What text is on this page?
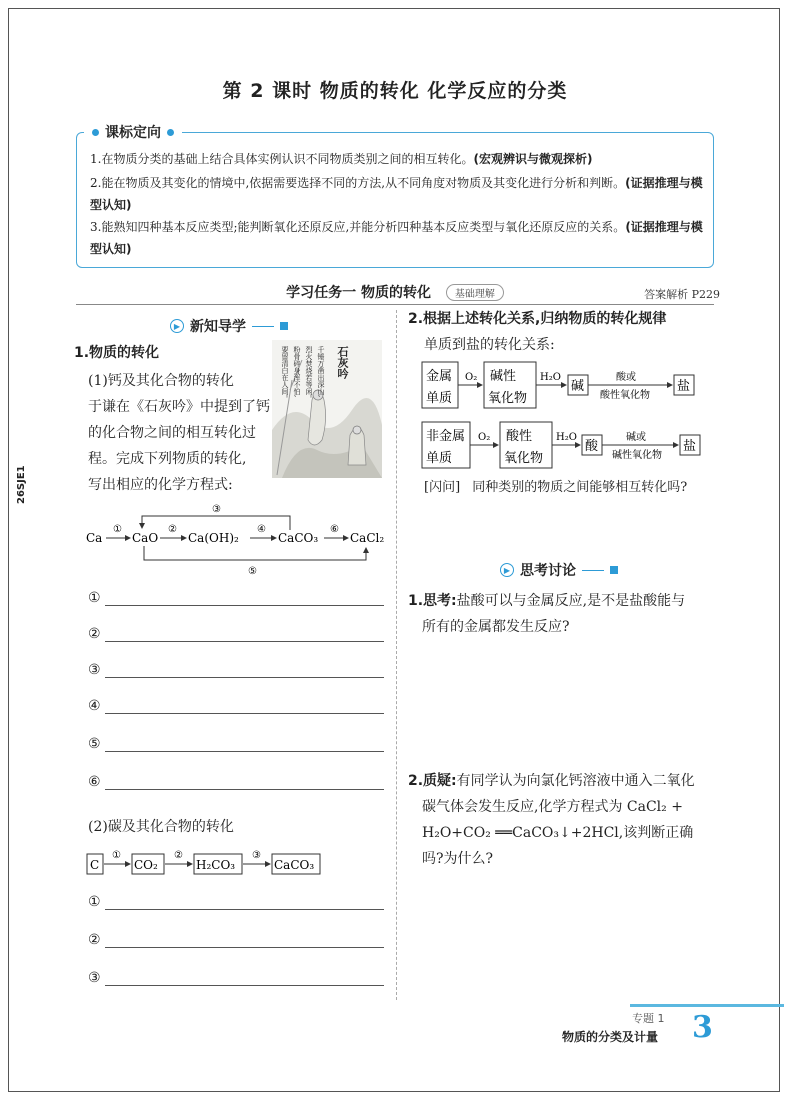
第 2 课时 物质的转化 化学反应的分类
课标定向
1.在物质分类的基础上结合具体实例认识不同物质类别之间的相互转化。(宏观辨识与微观探析)
2.能在物质及其变化的情境中,依据需要选择不同的方法,从不同角度对物质及其变化进行分析和判断。(证据推理与模型认知)
3.能熟知四种基本反应类型;能判断氧化还原反应,并能分析四种基本反应类型与氧化还原反应的关系。(证据推理与模型认知)
学习任务一 物质的转化 基础理解	答案解析 P229
26SJE1
▶ 新知导学
1.物质的转化
(1)钙及其化合物的转化
于谦在《石灰吟》中提到了钙
的化合物之间的相互转化过
程。完成下列物质的转化,
写出相应的化学方程式:
石灰吟
千锤万凿出深山,
烈火焚烧若等闲。
粉骨碎身浑不怕,
要留清白在人间。
Ca
①
CaO
②
Ca(OH)₂
④
CaCO₃
⑥
CaCl₂
③
⑤
①
②
③
④
⑤
⑥
(2)碳及其化合物的转化
C
①
CO₂
②
H₂CO₃
③
CaCO₃
①
②
③
2.根据上述转化关系,归纳物质的转化规律
单质到盐的转化关系:
金属
单质
O₂ 碱性
氧化物
H₂O
碱
酸或
酸性氧化物
盐
非金属
单质
O₂ 酸性
氧化物
H₂O
酸
碱或
碱性氧化物
盐
[闪问] 同种类别的物质之间能够相互转化吗?
▶ 思考讨论
1.思考:盐酸可以与金属反应,是不是盐酸能与
所有的金属都发生反应?
2.质疑:有同学认为向氯化钙溶液中通入二氧化
碳气体会发生反应,化学方程式为 CaCl₂ +
H₂O+CO₂ ══CaCO₃↓+2HCl,该判断正确
吗?为什么?
专题 1
物质的分类及计量 3
